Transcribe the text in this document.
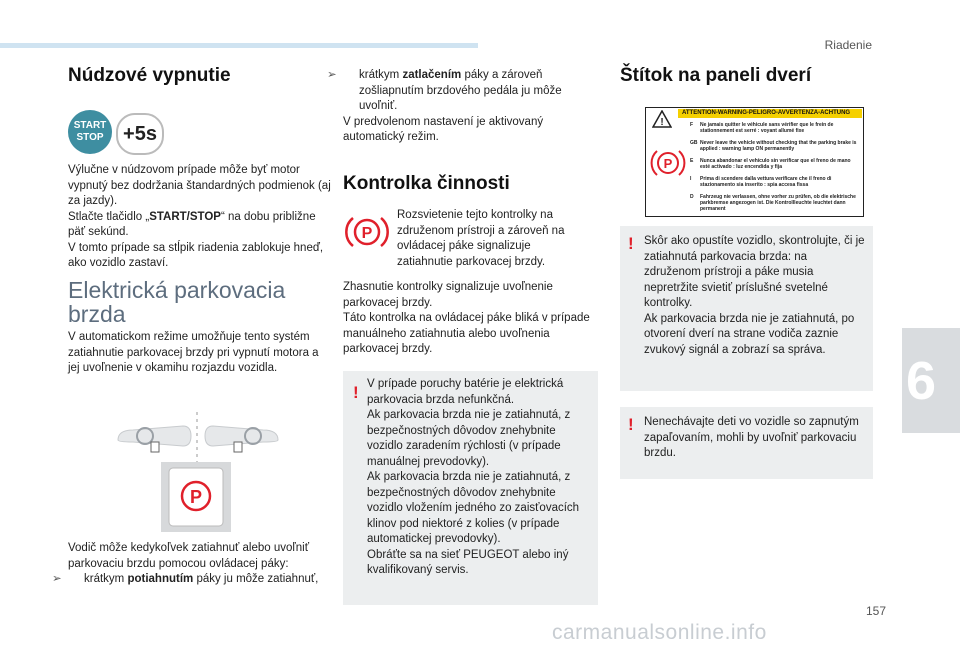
Riadenie
6
157
carmanualsonline.info
Núdzové vypnutie
START
STOP +5s

Výlučne v núdzovom prípade môže byť motor vypnutý bez dodržania štandardných podmienok (aj za jazdy).

Stlačte tlačidlo „START/STOP“ na dobu približne päť sekúnd.

V tomto prípade sa stĺpik riadenia zablokuje hneď, ako vozidlo zastaví.

Elektrická parkovacia brzda

V automatickom režime umožňuje tento systém zatiahnutie parkovacej brzdy pri vypnutí motora a jej uvoľnenie v okamihu rozjazdu vozidla.

P

Vodič môže kedykoľvek zatiahnuť alebo uvoľniť parkovaciu brzdu pomocou ovládacej páky:

➢ krátkym potiahnutím páky ju môže zatiahnuť,

➢ krátkym zatlačením páky a zároveň zošliapnutím brzdového pedála ju môže uvoľniť.

V predvolenom nastavení je aktivovaný automatický režim.

Kontrolka činnosti
P

Rozsvietenie tejto kontrolky na združenom prístroji a zároveň na ovládacej páke signalizuje zatiahnutie parkovacej brzdy.

Zhasnutie kontrolky signalizuje uvoľnenie parkovacej brzdy.

Táto kontrolka na ovládacej páke bliká v prípade manuálneho zatiahnutia alebo uvoľnenia parkovacej brzdy.

! V prípade poruchy batérie je elektrická parkovacia brzda nefunkčná.
Ak parkovacia brzda nie je zatiahnutá, z bezpečnostných dôvodov znehybnite vozidlo zaradením rýchlosti (v prípade manuálnej prevodovky).
Ak parkovacia brzda nie je zatiahnutá, z bezpečnostných dôvodov znehybnite vozidlo vložením jedného zo zaisťovacích klinov pod niektoré z kolies (v prípade automatickej prevodovky).
Obráťte sa na sieť PEUGEOT alebo iný kvalifikovaný servis.

Štítok na paneli dverí
ATTENTION-WARNING-PELIGRO-AVVERTENZA-ACHTUNG
!
P
F	Ne jamais quitter le véhicule sans vérifier que le frein de stationnement est serré : voyant allumé fixe
GB Never leave the vehicle without checking that the parking brake is applied : warning lamp ON permanently
E	Nunca abandonar el vehículo sin verificar que el freno de mano esté activado : luz encendida y fija
I	Prima di scendere dalla vettura verificare che il freno di stazionamento sia inserito : spia accesa fissa
D	Fahrzeug nie verlassen, ohne vorher zu prüfen, ob die elektrische parkbremse angezogen ist. Die Kontrollleuchte leuchtet dann permanent
! Skôr ako opustíte vozidlo, skontrolujte, či je zatiahnutá parkovacia brzda: na združenom prístroji a páke musia nepretržite svietiť príslušné svetelné kontrolky.
Ak parkovacia brzda nie je zatiahnutá, po otvorení dverí na strane vodiča zaznie zvukový signál a zobrazí sa správa.

! Nenechávajte deti vo vozidle so zapnutým zapaľovaním, mohli by uvoľniť parkovaciu brzdu.
